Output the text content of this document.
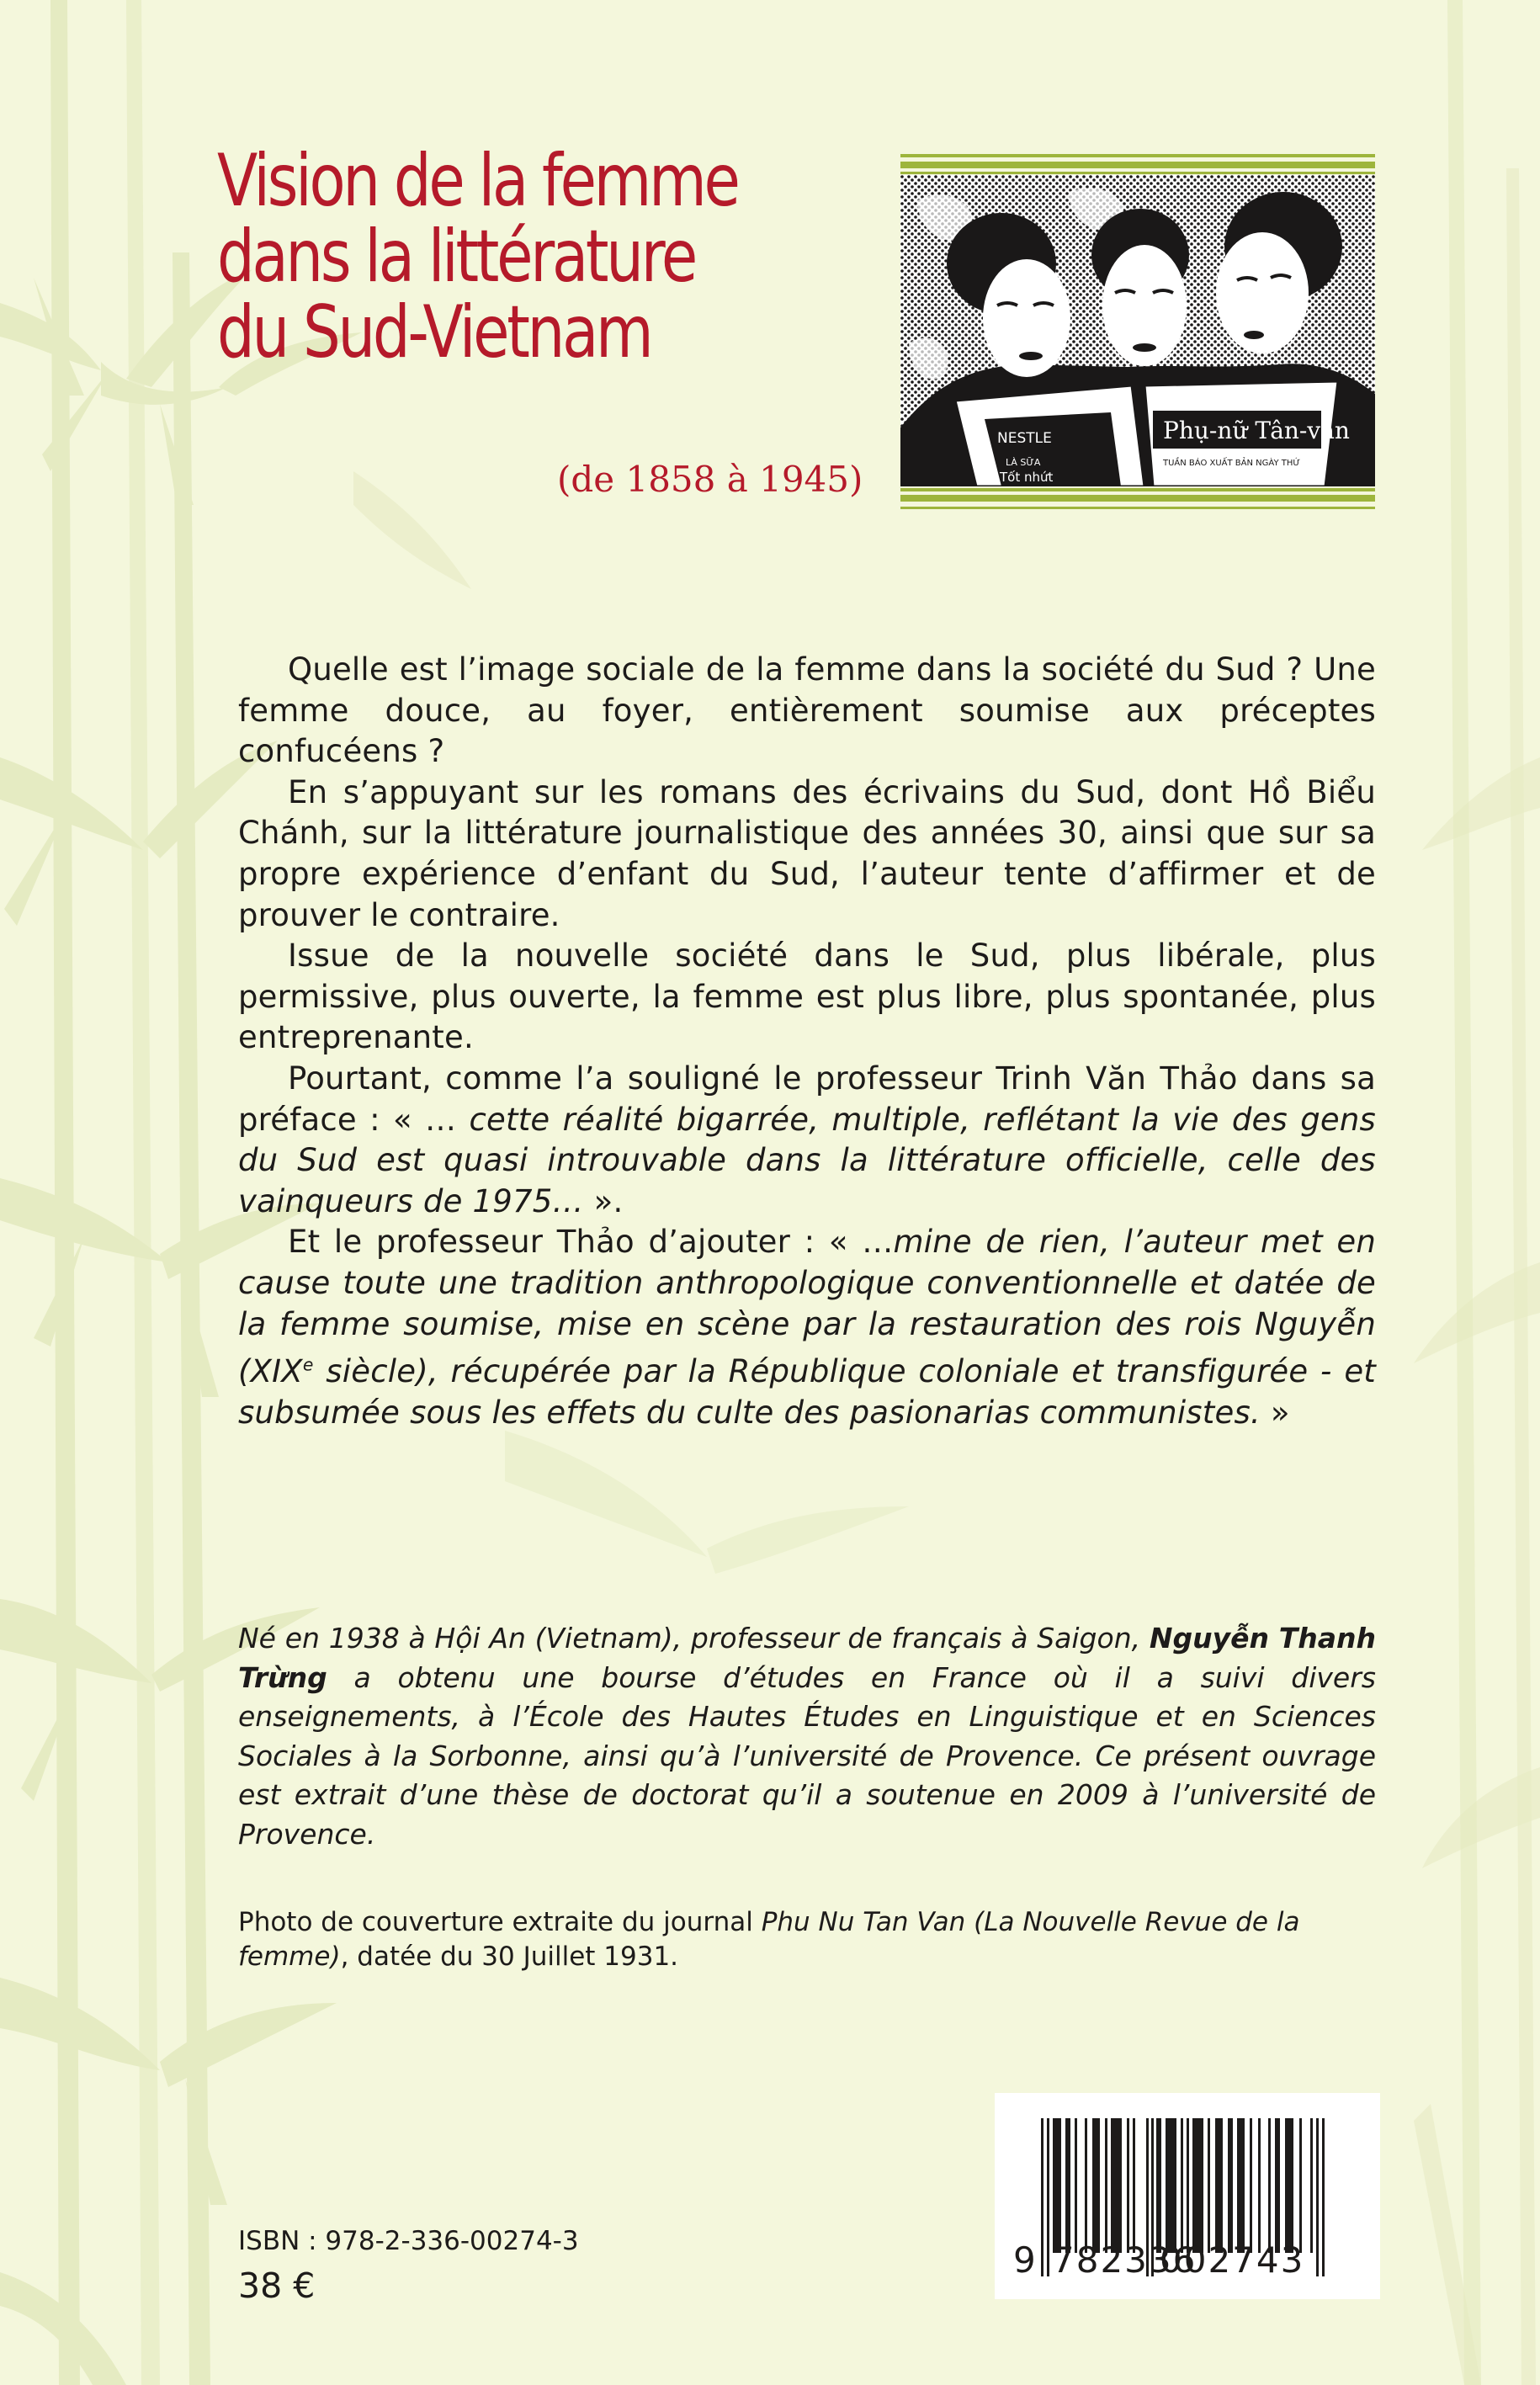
Vision de la femme
dans la littérature
du Sud-Vietnam
(de 1858 à 1945)
Phụ-nữ Tân-văn
NESTLE
LÀ SỮA
Tốt nhứt
TUẦN BÁO XUẤT BẢN NGÀY THỨ

Quelle est l’image sociale de la femme dans la société du Sud ? Une femme douce, au foyer, entièrement soumise aux préceptes confucéens ?

En s’appuyant sur les romans des écrivains du Sud, dont Hồ Biểu Chánh, sur la littérature journalistique des années 30, ainsi que sur sa propre expérience d’enfant du Sud, l’auteur tente d’affirmer et de prouver le contraire.

Issue de la nouvelle société dans le Sud, plus libérale, plus permissive, plus ouverte, la femme est plus libre, plus spontanée, plus entreprenante.

Pourtant, comme l’a souligné le professeur Trinh Văn Thảo dans sa préface : « … cette réalité bigarrée, multiple, reflétant la vie des gens du Sud est quasi introuvable dans la littérature officielle, celle des vainqueurs de 1975… ».

Et le professeur Thảo d’ajouter : « …mine de rien, l’auteur met en cause toute une tradition anthropologique conventionnelle et datée de la femme soumise, mise en scène par la restauration des rois Nguyễn (XIXe siècle), récupérée par la République coloniale et transfigurée - et subsumée sous les effets du culte des pasionarias communistes. »

Né en 1938 à Hội An (Vietnam), professeur de français à Saigon, Nguyễn Thanh Trừng a obtenu une bourse d’études en France où il a suivi divers enseignements, à l’École des Hautes Études en Linguistique et en Sciences Sociales à la Sorbonne, ainsi qu’à l’université de Provence. Ce présent ouvrage est extrait d’une thèse de doctorat qu’il a soutenue en 2009 à l’université de Provence.
Photo de couverture extraite du journal Phu Nu Tan Van (La Nouvelle Revue de la femme), datée du 30 Juillet 1931.
ISBN : 978-2-336-00274-3
38 €
9 782336
002743
